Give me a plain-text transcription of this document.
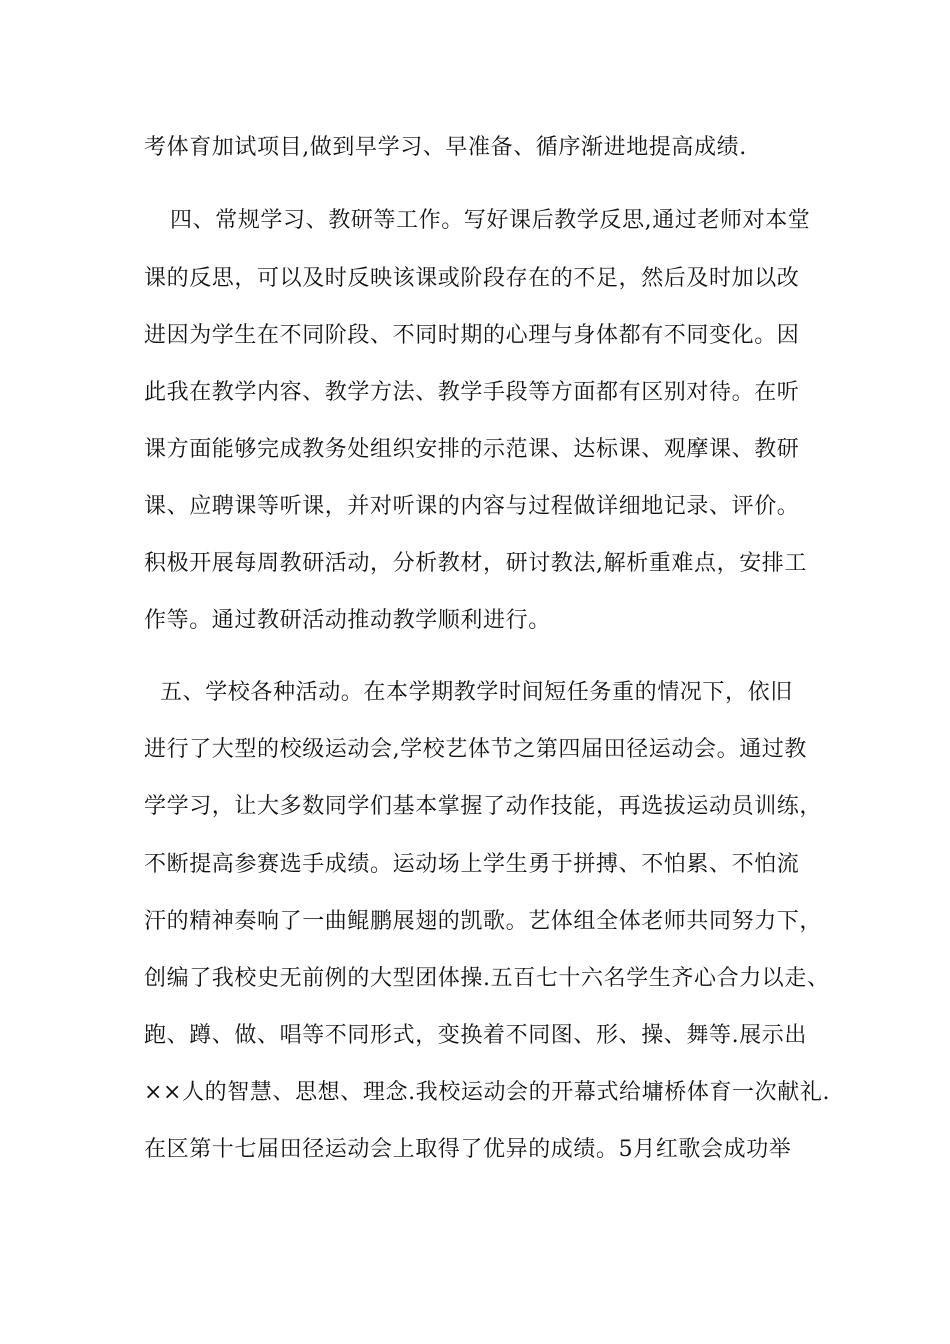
考体育加试项目,做到早学习、早准备、循序渐进地提高成绩.
四、常规学习、教研等工作。写好课后教学反思,通过老师对本堂
课的反思，可以及时反映该课或阶段存在的不足，然后及时加以改
进因为学生在不同阶段、不同时期的心理与身体都有不同变化。因
此我在教学内容、教学方法、教学手段等方面都有区别对待。在听
课方面能够完成教务处组织安排的示范课、达标课、观摩课、教研
课、应聘课等听课，并对听课的内容与过程做详细地记录、评价。
积极开展每周教研活动，分析教材，研讨教法,解析重难点，安排工
作等。通过教研活动推动教学顺利进行。
五、学校各种活动。在本学期教学时间短任务重的情况下，依旧
进行了大型的校级运动会,学校艺体节之第四届田径运动会。通过教
学学习，让大多数同学们基本掌握了动作技能，再选拔运动员训练，
不断提高参赛选手成绩。运动场上学生勇于拼搏、不怕累、不怕流
汗的精神奏响了一曲鲲鹏展翅的凯歌。艺体组全体老师共同努力下，
创编了我校史无前例的大型团体操.五百七十六名学生齐心合力以走、
跑、蹲、做、唱等不同形式，变换着不同图、形、操、舞等.展示出
××人的智慧、思想、理念.我校运动会的开幕式给墉桥体育一次献礼.
在区第十七届田径运动会上取得了优异的成绩。5月红歌会成功举
